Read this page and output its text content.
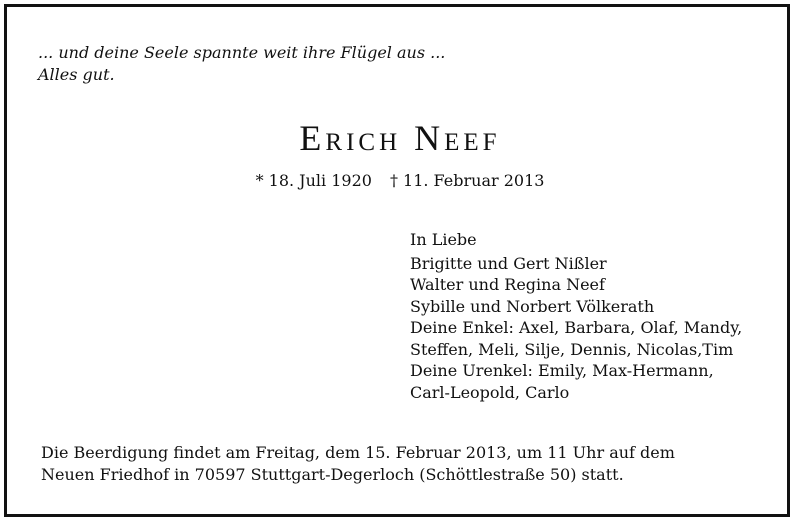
... und deine Seele spannte weit ihre Flügel aus ...
Alles gut.
Erich Neef
* 18. Juli 1920 † 11. Februar 2013
In Liebe
Brigitte und Gert Nißler
Walter und Regina Neef
Sybille und Norbert Völkerath
Deine Enkel: Axel, Barbara, Olaf, Mandy,
Steffen, Meli, Silje, Dennis, Nicolas,Tim
Deine Urenkel: Emily, Max-Hermann,
Carl-Leopold, Carlo
Die Beerdigung findet am Freitag, dem 15. Februar 2013, um 11 Uhr auf dem
Neuen Friedhof in 70597 Stuttgart-Degerloch (Schöttlestraße 50) statt.
